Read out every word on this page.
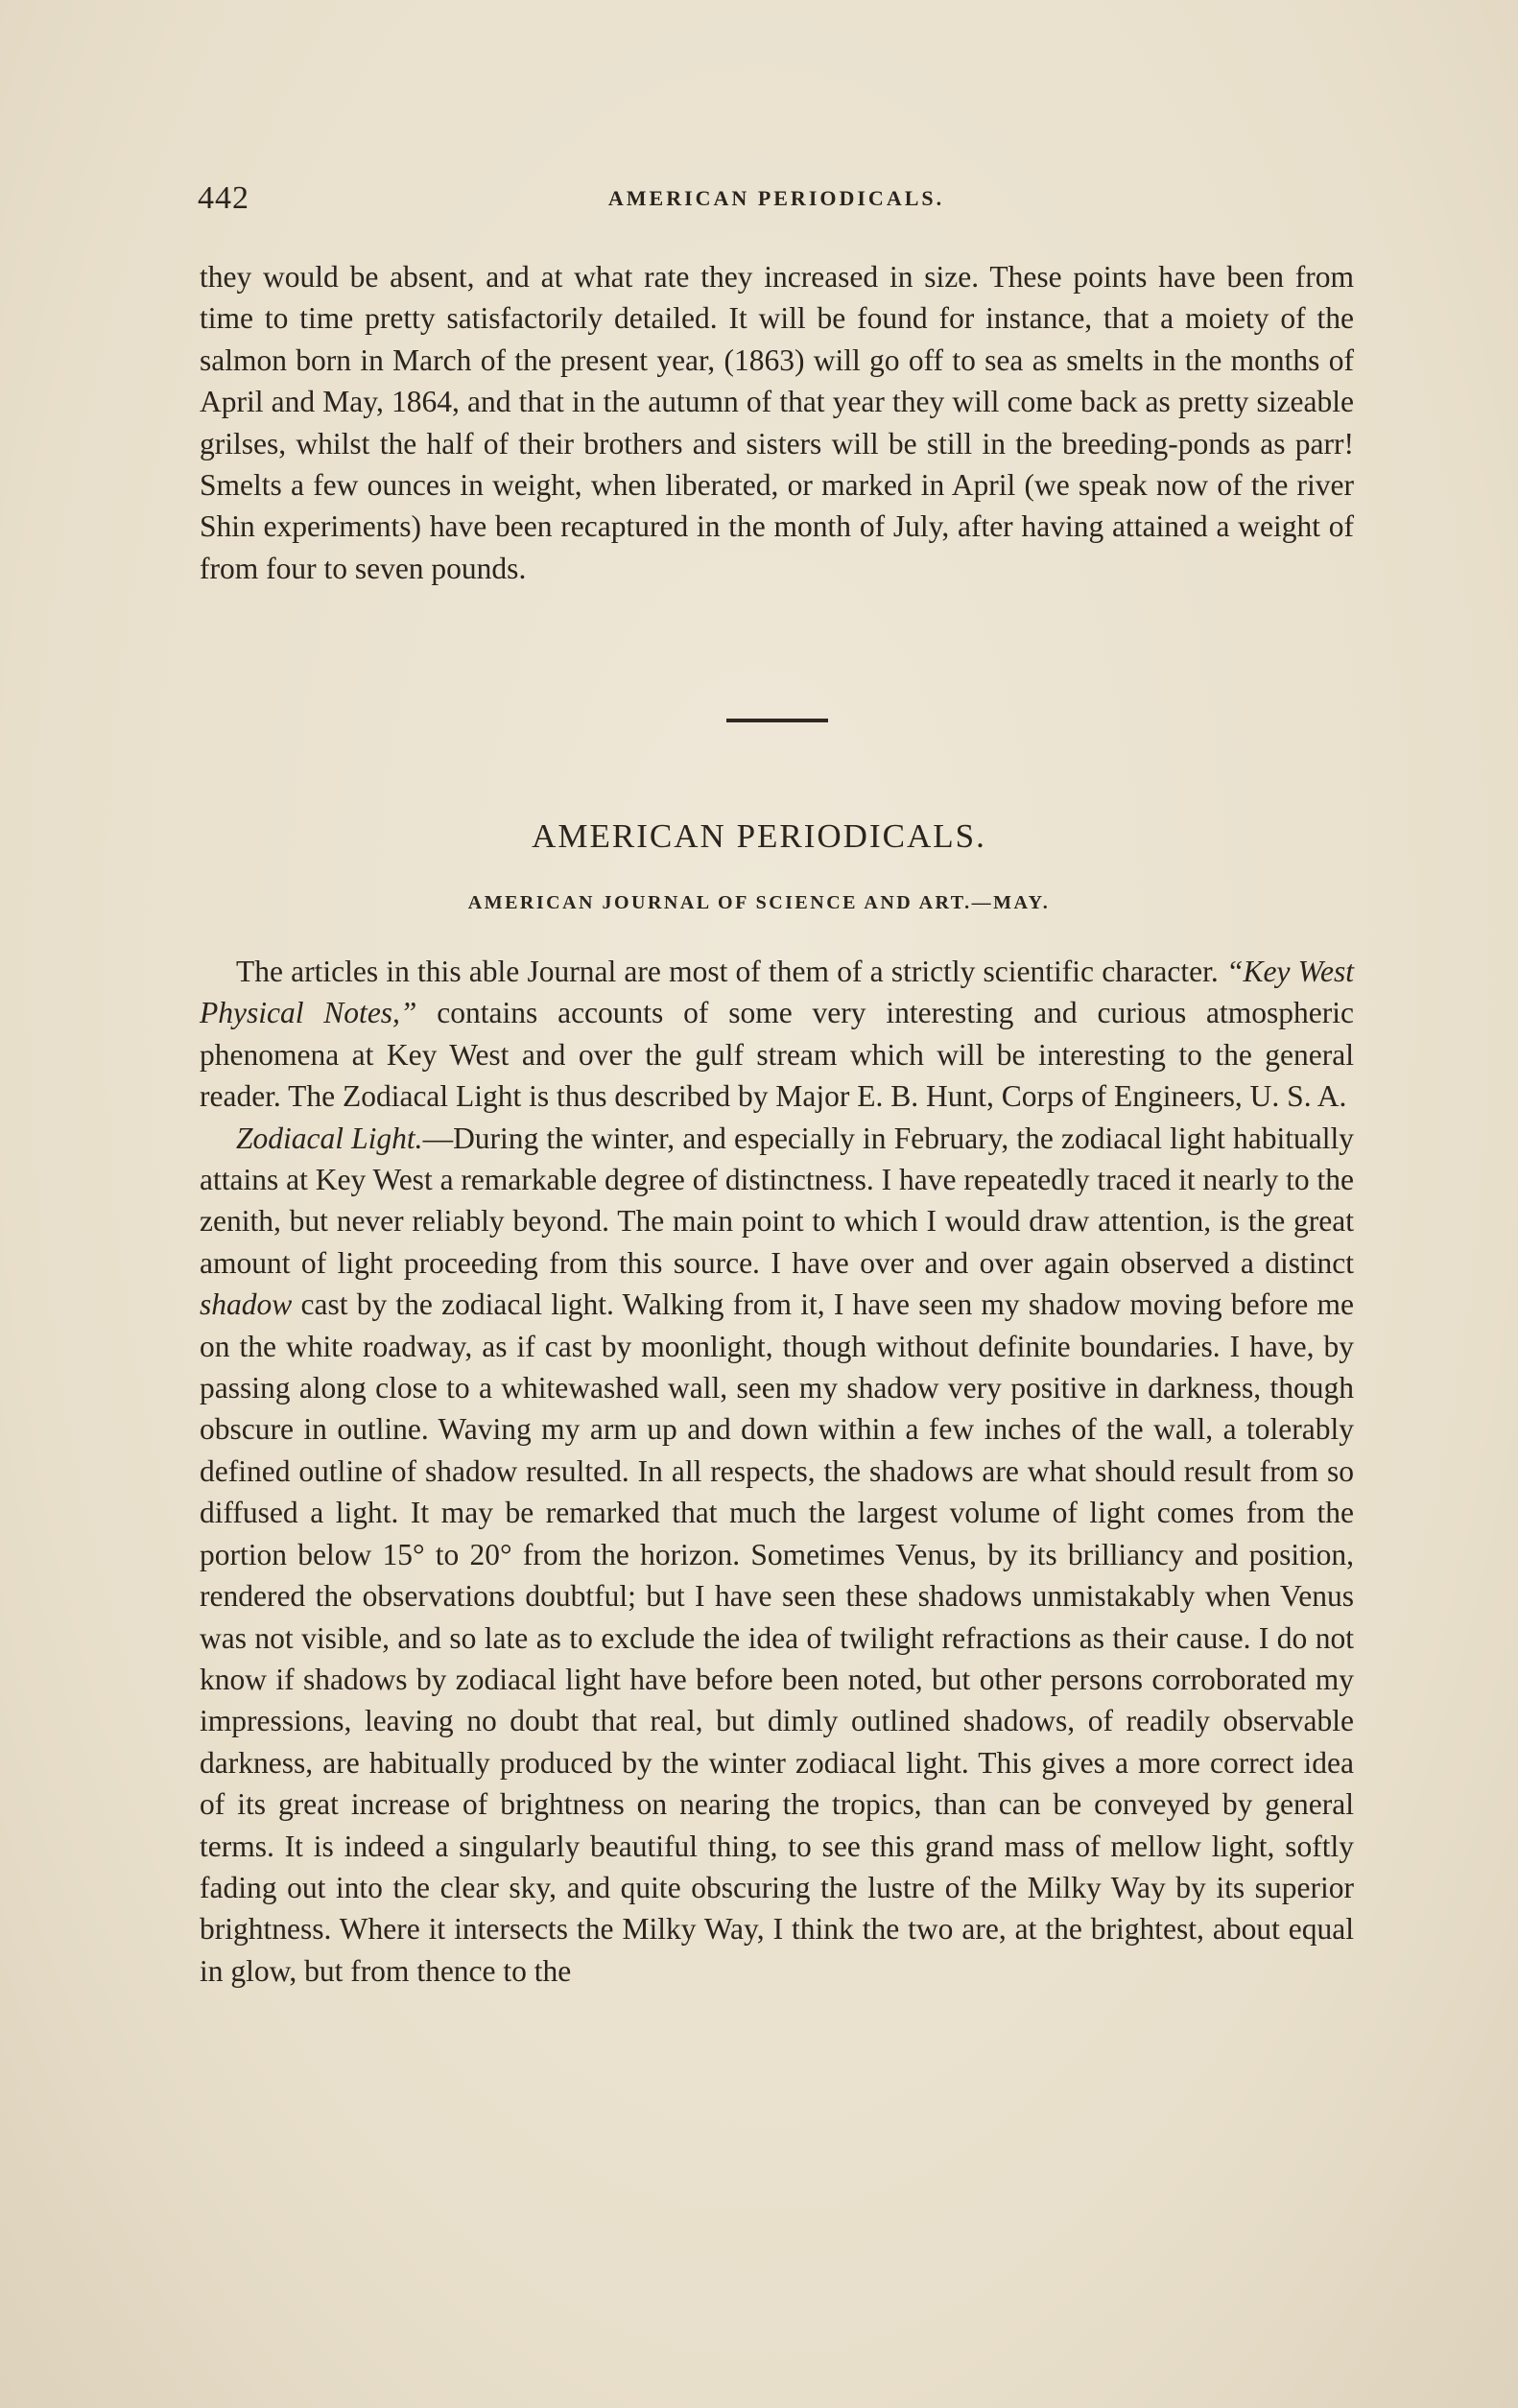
442	AMERICAN PERIODICALS.

they would be absent, and at what rate they increased in size. These points have been from time to time pretty satisfactorily detailed. It will be found for instance, that a moiety of the salmon born in March of the present year, (1863) will go off to sea as smelts in the months of April and May, 1864, and that in the autumn of that year they will come back as pretty sizeable grilses, whilst the half of their brothers and sisters will be still in the breeding-ponds as parr! Smelts a few ounces in weight, when liberated, or marked in April (we speak now of the river Shin experiments) have been recaptured in the month of July, after having attained a weight of from four to seven pounds.

AMERICAN PERIODICALS.
AMERICAN JOURNAL OF SCIENCE AND ART.—MAY.

The articles in this able Journal are most of them of a strictly scientific character. “Key West Physical Notes,” contains accounts of some very interesting and curious atmospheric phenomena at Key West and over the gulf stream which will be interesting to the general reader. The Zodiacal Light is thus described by Major E. B. Hunt, Corps of Engineers, U. S. A.

Zodiacal Light.—During the winter, and especially in February, the zodiacal light habitually attains at Key West a remarkable degree of distinctness. I have repeatedly traced it nearly to the zenith, but never reliably beyond. The main point to which I would draw attention, is the great amount of light proceeding from this source. I have over and over again observed a distinct shadow cast by the zodiacal light. Walking from it, I have seen my shadow moving before me on the white roadway, as if cast by moonlight, though without definite boundaries. I have, by passing along close to a whitewashed wall, seen my shadow very positive in darkness, though obscure in outline. Waving my arm up and down within a few inches of the wall, a tolerably defined outline of shadow resulted. In all respects, the shadows are what should result from so diffused a light. It may be remarked that much the largest volume of light comes from the portion below 15° to 20° from the horizon. Sometimes Venus, by its brilliancy and position, rendered the observations doubtful; but I have seen these shadows unmistakably when Venus was not visible, and so late as to exclude the idea of twilight refractions as their cause. I do not know if shadows by zodiacal light have before been noted, but other persons corroborated my impressions, leaving no doubt that real, but dimly outlined shadows, of readily observable darkness, are habitually produced by the winter zodiacal light. This gives a more correct idea of its great increase of brightness on nearing the tropics, than can be conveyed by general terms. It is indeed a singularly beautiful thing, to see this grand mass of mellow light, softly fading out into the clear sky, and quite obscuring the lustre of the Milky Way by its superior brightness. Where it intersects the Milky Way, I think the two are, at the brightest, about equal in glow, but from thence to the
